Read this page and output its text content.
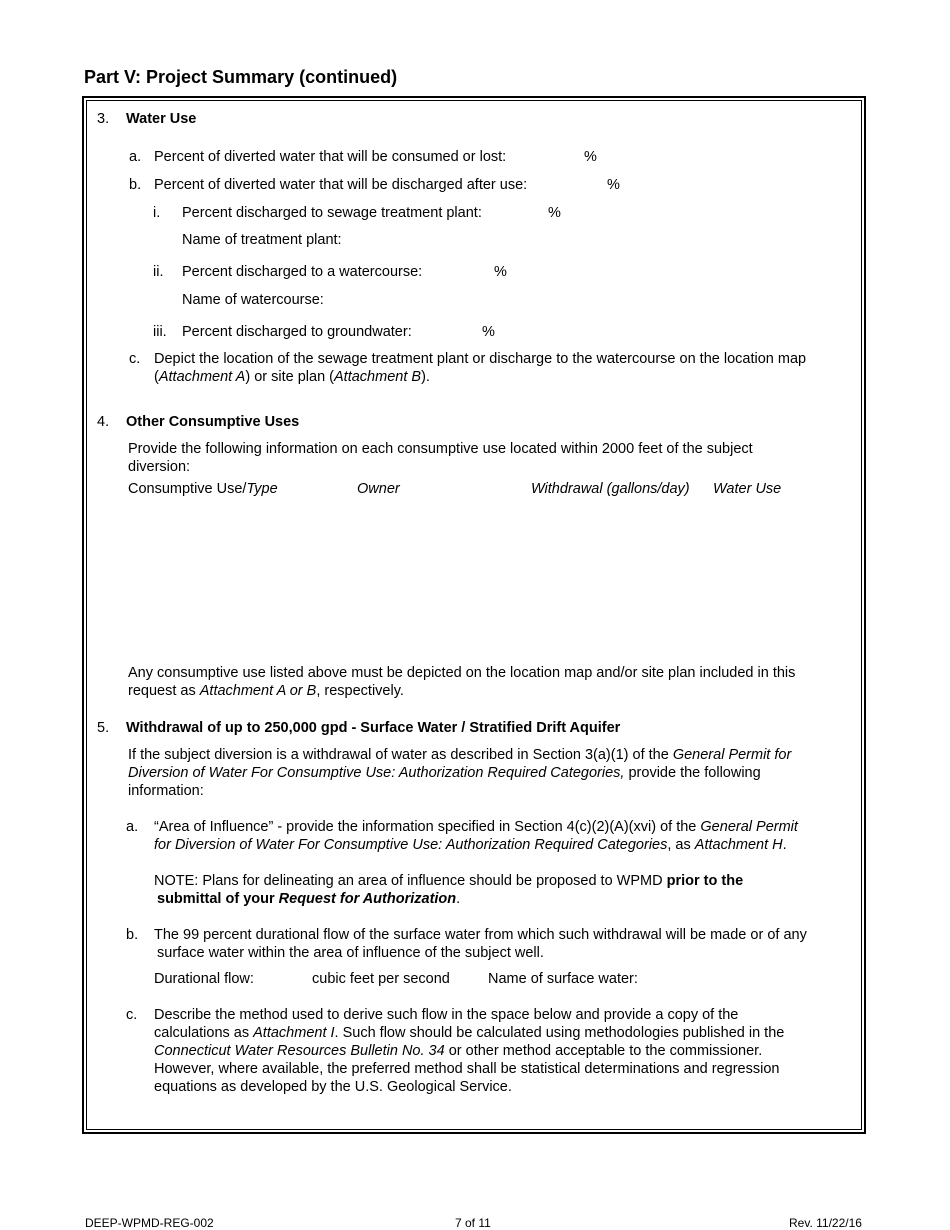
Part V: Project Summary (continued)
3. Water Use
a. Percent of diverted water that will be consumed or lost:	%
b. Percent of diverted water that will be discharged after use:	%
i. Percent discharged to sewage treatment plant:	%
Name of treatment plant:
ii. Percent discharged to a watercourse:	%
Name of watercourse:
iii. Percent discharged to groundwater:	%
c. Depict the location of the sewage treatment plant or discharge to the watercourse on the location map
(Attachment A) or site plan (Attachment B).
4. Other Consumptive Uses
Provide the following information on each consumptive use located within 2000 feet of the subject
diversion:
Consumptive Use/Type	Owner	Withdrawal (gallons/day) Water Use
Any consumptive use listed above must be depicted on the location map and/or site plan included in this
request as Attachment A or B, respectively.
5. Withdrawal of up to 250,000 gpd - Surface Water / Stratified Drift Aquifer
If the subject diversion is a withdrawal of water as described in Section 3(a)(1) of the General Permit for
Diversion of Water For Consumptive Use: Authorization Required Categories, provide the following
information:
a. “Area of Influence” - provide the information specified in Section 4(c)(2)(A)(xvi) of the General Permit
for Diversion of Water For Consumptive Use: Authorization Required Categories, as Attachment H.
NOTE: Plans for delineating an area of influence should be proposed to WPMD prior to the
submittal of your Request for Authorization.
b. The 99 percent durational flow of the surface water from which such withdrawal will be made or of any
surface water within the area of influence of the subject well.
Durational flow:	cubic feet per second	Name of surface water:
c. Describe the method used to derive such flow in the space below and provide a copy of the
calculations as Attachment I. Such flow should be calculated using methodologies published in the
Connecticut Water Resources Bulletin No. 34 or other method acceptable to the commissioner.
However, where available, the preferred method shall be statistical determinations and regression
equations as developed by the U.S. Geological Service.
DEEP-WPMD-REG-002	7 of 11	Rev. 11/22/16
